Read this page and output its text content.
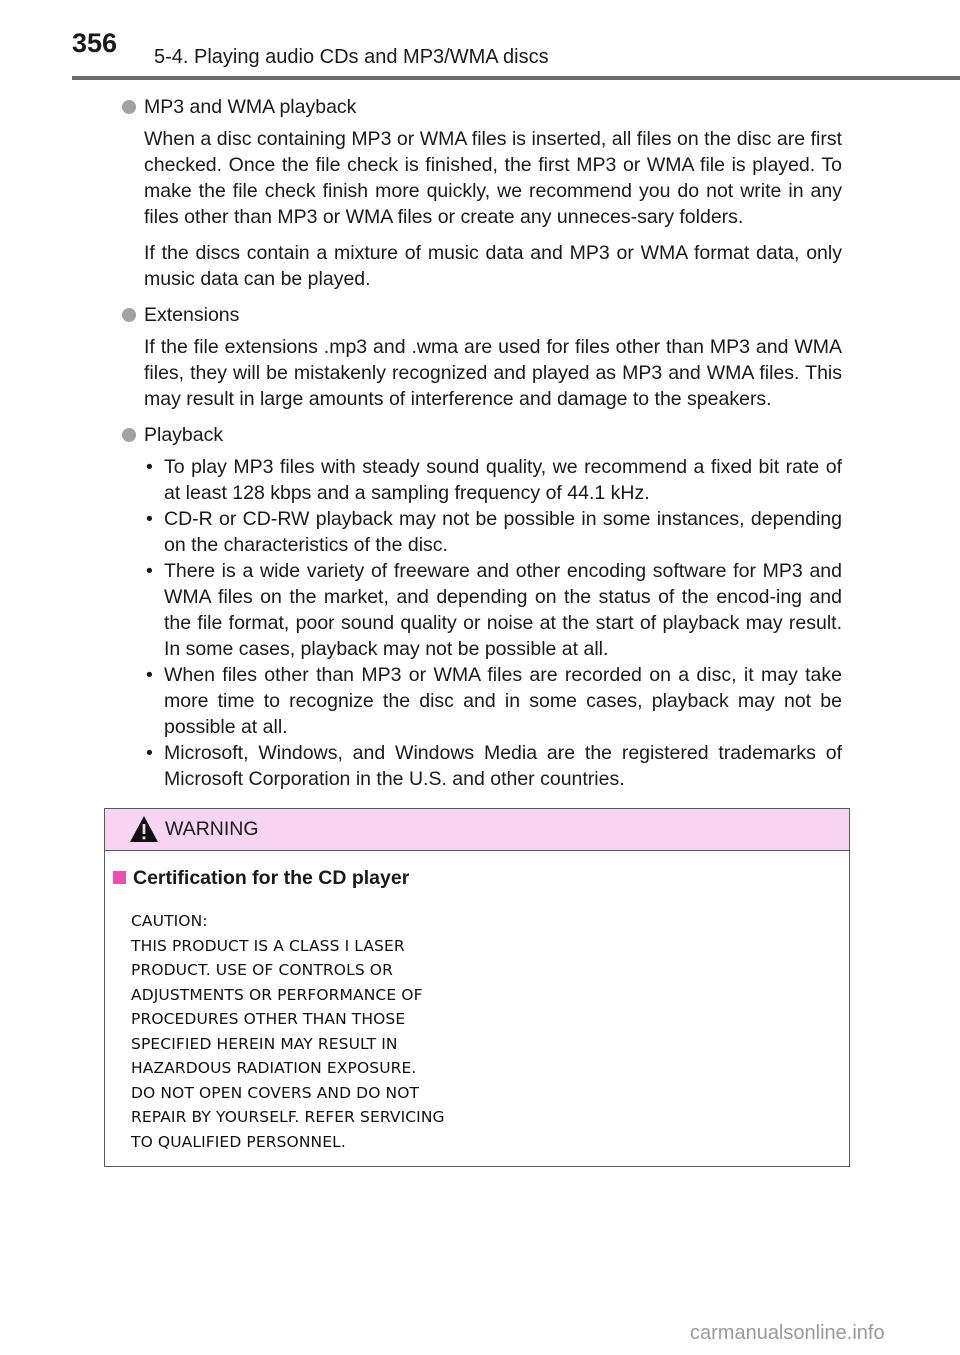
356 5-4. Playing audio CDs and MP3/WMA discs
MP3 and WMA playback

When a disc containing MP3 or WMA files is inserted, all files on the disc are first checked. Once the file check is finished, the first MP3 or WMA file is played. To make the file check finish more quickly, we recommend you do not write in any files other than MP3 or WMA files or create any unneces-sary folders.

If the discs contain a mixture of music data and MP3 or WMA format data, only music data can be played.

Extensions

If the file extensions .mp3 and .wma are used for files other than MP3 and WMA files, they will be mistakenly recognized and played as MP3 and WMA files. This may result in large amounts of interference and damage to the speakers.

Playback
• To play MP3 files with steady sound quality, we recommend a fixed bit rate of at least 128 kbps and a sampling frequency of 44.1 kHz.
• CD-R or CD-RW playback may not be possible in some instances, depending on the characteristics of the disc.
• There is a wide variety of freeware and other encoding software for MP3 and WMA files on the market, and depending on the status of the encod-ing and the file format, poor sound quality or noise at the start of playback may result. In some cases, playback may not be possible at all.
• When files other than MP3 or WMA files are recorded on a disc, it may take more time to recognize the disc and in some cases, playback may not be possible at all.
• Microsoft, Windows, and Windows Media are the registered trademarks of Microsoft Corporation in the U.S. and other countries.
WARNING
Certification for the CD player
CAUTION:
THIS PRODUCT IS A CLASS Ⅰ LASER
PRODUCT. USE OF CONTROLS OR
ADJUSTMENTS OR PERFORMANCE OF
PROCEDURES OTHER THAN THOSE
SPECIFIED HEREIN MAY RESULT IN
HAZARDOUS RADIATION EXPOSURE.
DO NOT OPEN COVERS AND DO NOT
REPAIR BY YOURSELF. REFER SERVICING
TO QUALIFIED PERSONNEL.
carmanualsonline.info
